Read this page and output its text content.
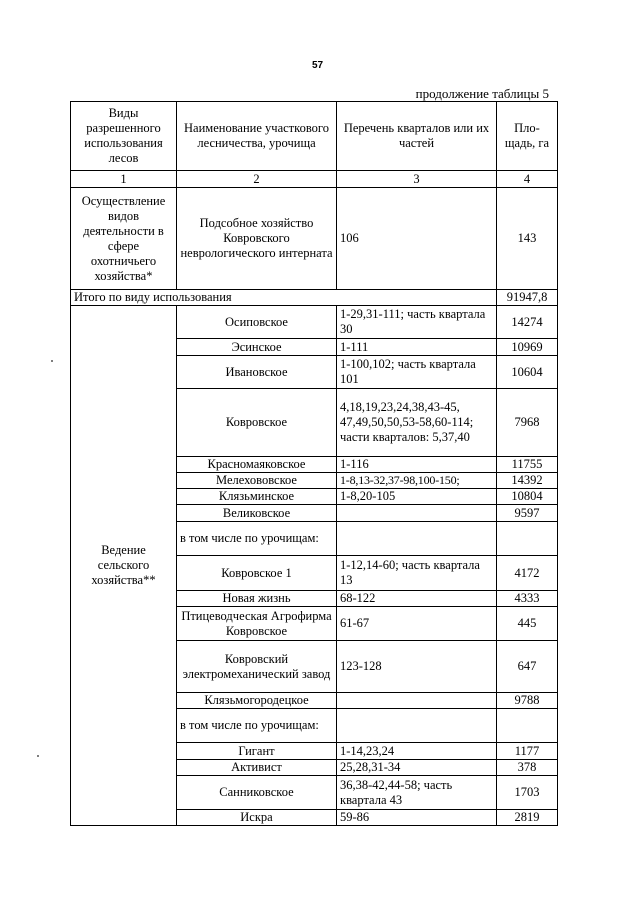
57
продолжение таблицы 5
Виды разрешенного использования лесов	Наименование участкового лесничества, урочища	Перечень кварталов или их частей	Пло-щадь, га
1	2	3	4
Осуществление видов деятельности в сфере охотничьего хозяйства*	Подсобное хозяйство Ковровского неврологического интерната	106	143
Итого по виду использования			91947,8
Ведение сельского хозяйства**	Осиповское	1-29,31-111; часть квартала 30	14274
	Эсинское	1-111	10969
	Ивановское	1-100,102; часть квартала 101	10604
	Ковровское	4,18,19,23,24,38,43-45, 47,49,50,50,53-58,60-114; части кварталов: 5,37,40	7968
	Красномаяковское	1-116	11755
	Мелехововское	1-8,13-32,37-98,100-150;	14392
	Клязьминское	1-8,20-105	10804
	Великовское		9597
	в том числе по урочищам:		
	Ковровское 1	1-12,14-60; часть квартала 13	4172
	Новая жизнь	68-122	4333
	Птицеводческая Агрофирма Ковровское	61-67	445
	Ковровский электромеханический завод	123-128	647
	Клязьмогородецкое		9788
	в том числе по урочищам:		
	Гигант	1-14,23,24	1177
	Активист	25,28,31-34	378
	Санниковское	36,38-42,44-58; часть квартала 43	1703
	Искра	59-86	2819
